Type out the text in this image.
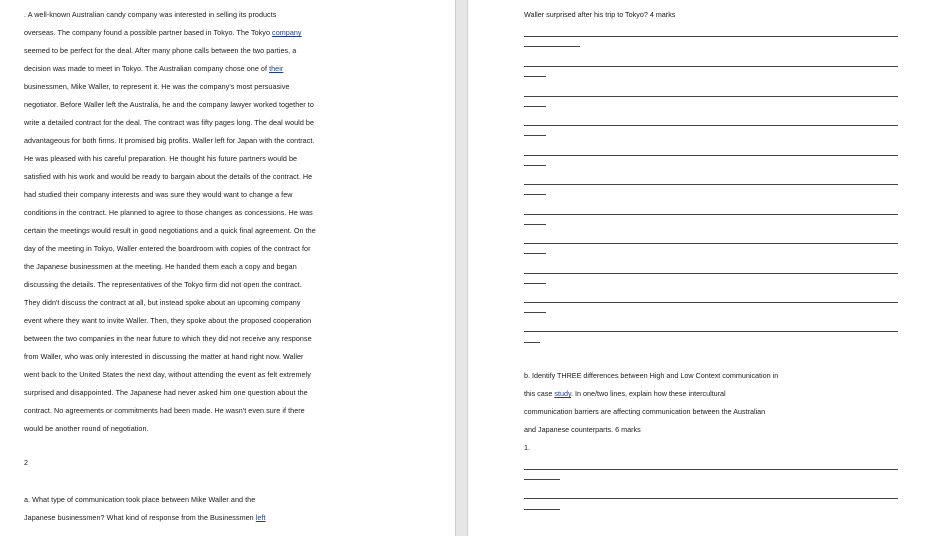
. A well-known Australian candy company was interested in selling its products
overseas. The company found a possible partner based in Tokyo. The Tokyo company
seemed to be perfect for the deal. After many phone calls between the two parties, a
decision was made to meet in Tokyo. The Australian company chose one of their
businessmen, Mike Waller, to represent it. He was the company's most persuasive
negotiator. Before Waller left the Australia, he and the company lawyer worked together to
write a detailed contract for the deal. The contract was fifty pages long. The deal would be
advantageous for both firms. It promised big profits. Waller left for Japan with the contract.
He was pleased with his careful preparation. He thought his future partners would be
satisfied with his work and would be ready to bargain about the details of the contract. He
had studied their company interests and was sure they would want to change a few
conditions in the contract. He planned to agree to those changes as concessions. He was
certain the meetings would result in good negotiations and a quick final agreement. On the
day of the meeting in Tokyo, Waller entered the boardroom with copies of the contract for
the Japanese businessmen at the meeting. He handed them each a copy and began
discussing the details. The representatives of the Tokyo firm did not open the contract.
They didn't discuss the contract at all, but instead spoke about an upcoming company
event where they want to invite Waller. Then, they spoke about the proposed cooperation
between the two companies in the near future to which they did not receive any response
from Waller, who was only interested in discussing the matter at hand right now. Waller
went back to the United States the next day, without attending the event as felt extremely
surprised and disappointed. The Japanese had never asked him one question about the
contract. No agreements or commitments had been made. He wasn't even sure if there
would be another round of negotiation.
2
a. What type of communication took place between Mike Waller and the
Japanese businessmen? What kind of response from the Businessmen left
Waller surprised after his trip to Tokyo? 4 marks
b. Identify THREE differences between High and Low Context communication in
this case study. In one/two lines, explain how these intercultural
communication barriers are affecting communication between the Australian
and Japanese counterparts. 6 marks
1.
